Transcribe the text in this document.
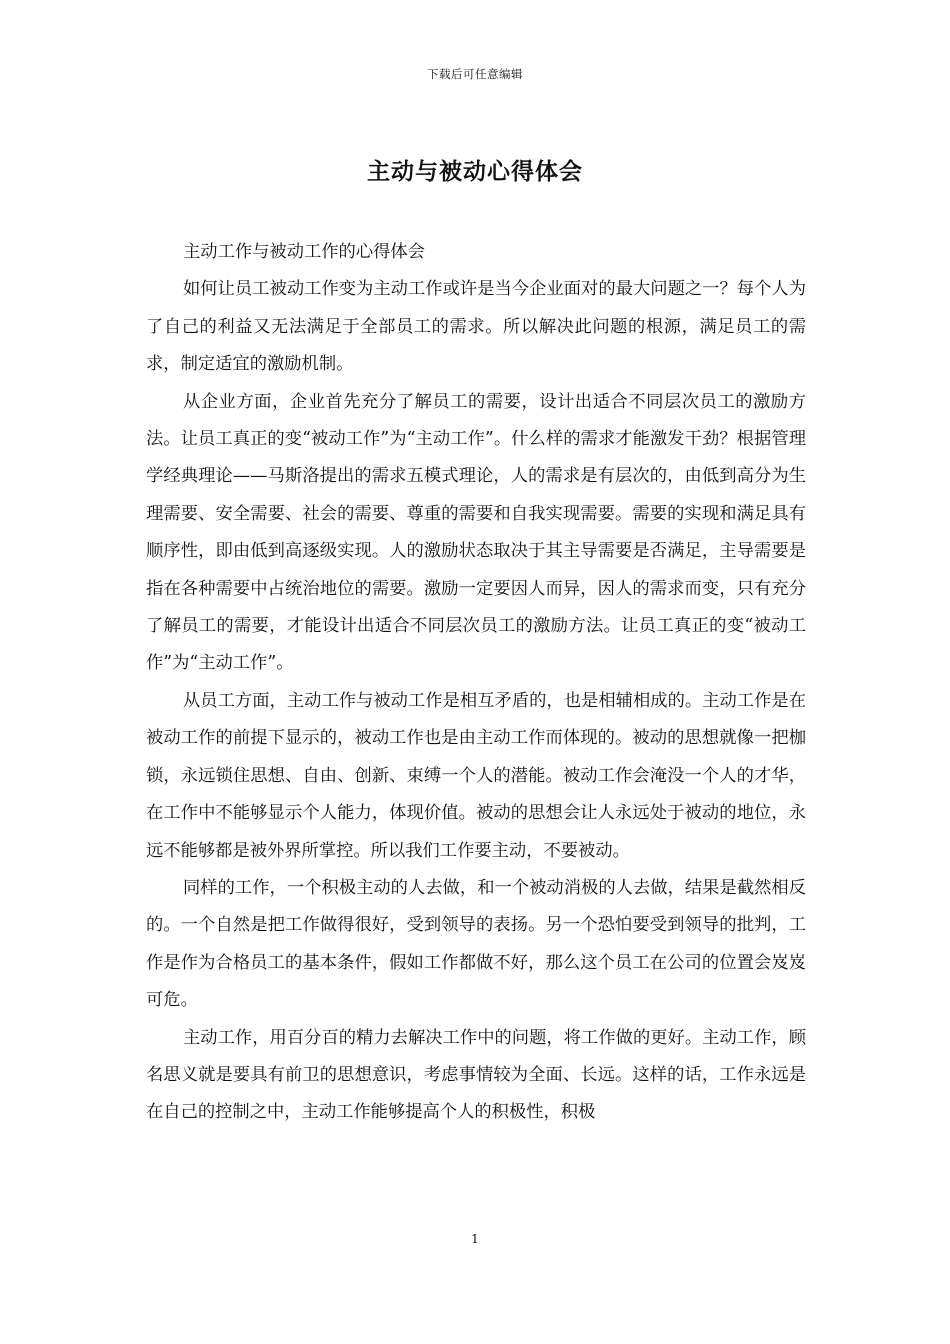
下载后可任意编辑
主动与被动心得体会

主动工作与被动工作的心得体会

如何让员工被动工作变为主动工作或许是当今企业面对的最大问题之一？每个人为了自己的利益又无法满足于全部员工的需求。所以解决此问题的根源，满足员工的需求，制定适宜的激励机制。

从企业方面，企业首先充分了解员工的需要，设计出适合不同层次员工的激励方法。让员工真正的变“被动工作”为“主动工作”。什么样的需求才能激发干劲？根据管理学经典理论——马斯洛提出的需求五模式理论，人的需求是有层次的，由低到高分为生理需要、安全需要、社会的需要、尊重的需要和自我实现需要。需要的实现和满足具有顺序性，即由低到高逐级实现。人的激励状态取决于其主导需要是否满足，主导需要是指在各种需要中占统治地位的需要。激励一定要因人而异，因人的需求而变，只有充分了解员工的需要，才能设计出适合不同层次员工的激励方法。让员工真正的变“被动工作”为“主动工作”。

从员工方面，主动工作与被动工作是相互矛盾的，也是相辅相成的。主动工作是在被动工作的前提下显示的，被动工作也是由主动工作而体现的。被动的思想就像一把枷锁，永远锁住思想、自由、创新、束缚一个人的潜能。被动工作会淹没一个人的才华，在工作中不能够显示个人能力，体现价值。被动的思想会让人永远处于被动的地位，永远不能够都是被外界所掌控。所以我们工作要主动，不要被动。

同样的工作，一个积极主动的人去做，和一个被动消极的人去做，结果是截然相反的。一个自然是把工作做得很好，受到领导的表扬。另一个恐怕要受到领导的批判，工作是作为合格员工的基本条件，假如工作都做不好，那么这个员工在公司的位置会岌岌可危。

主动工作，用百分百的精力去解决工作中的问题，将工作做的更好。主动工作，顾名思义就是要具有前卫的思想意识，考虑事情较为全面、长远。这样的话，工作永远是在自己的控制之中，主动工作能够提高个人的积极性，积极

1
